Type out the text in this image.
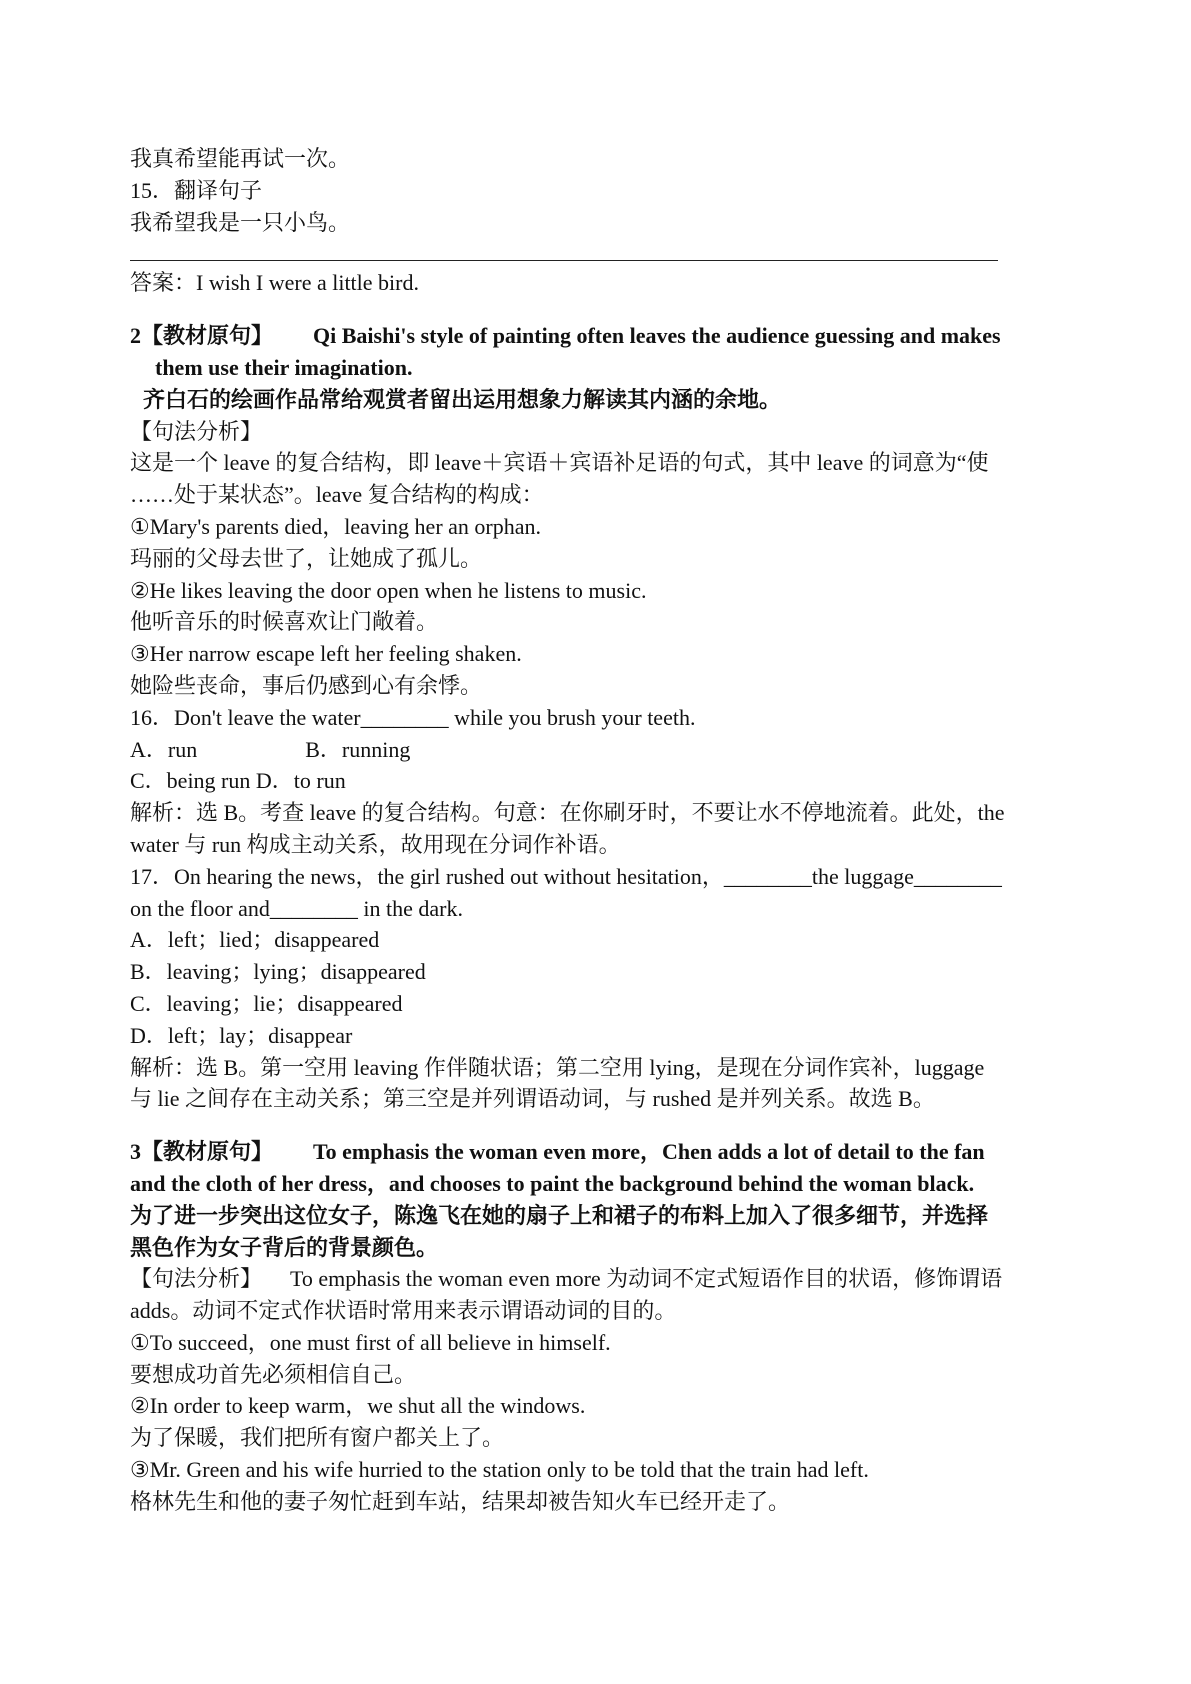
我真希望能再试一次。
15．翻译句子
我希望我是一只小鸟。
答案：I wish I were a little bird.
2【教材原句】 Qi Baishi's style of painting often leaves the audience guessing and makes
them use their imagination.
齐白石的绘画作品常给观赏者留出运用想象力解读其内涵的余地。
【句法分析】
这是一个 leave 的复合结构，即 leave＋宾语＋宾语补足语的句式，其中 leave 的词意为“使
……处于某状态”。leave 复合结构的构成：
①Mary's parents died，leaving her an orphan.
玛丽的父母去世了，让她成了孤儿。
②He likes leaving the door open when he listens to music.
他听音乐的时候喜欢让门敞着。
③Her narrow escape left her feeling shaken.
她险些丧命，事后仍感到心有余悸。
16．Don't leave the water________ while you brush your teeth.
A．run	B．running
C．being run D．to run
解析：选 B。考查 leave 的复合结构。句意：在你刷牙时，不要让水不停地流着。此处，the
water 与 run 构成主动关系，故用现在分词作补语。
17．On hearing the news，the girl rushed out without hesitation，________the luggage________
on the floor and________ in the dark.
A．left；lied；disappeared
B．leaving；lying；disappeared
C．leaving；lie；disappeared
D．left；lay；disappear
解析：选 B。第一空用 leaving 作伴随状语；第二空用 lying，是现在分词作宾补，luggage
与 lie 之间存在主动关系；第三空是并列谓语动词，与 rushed 是并列关系。故选 B。
3【教材原句】 To emphasis the woman even more，Chen adds a lot of detail to the fan
and the cloth of her dress，and chooses to paint the background behind the woman black.
为了进一步突出这位女子，陈逸飞在她的扇子上和裙子的布料上加入了很多细节，并选择
黑色作为女子背后的背景颜色。
【句法分析】 To emphasis the woman even more 为动词不定式短语作目的状语，修饰谓语
adds。动词不定式作状语时常用来表示谓语动词的目的。
①To succeed，one must first of all believe in himself.
要想成功首先必须相信自己。
②In order to keep warm，we shut all the windows.
为了保暖，我们把所有窗户都关上了。
③Mr. Green and his wife hurried to the station only to be told that the train had left.
格林先生和他的妻子匆忙赶到车站，结果却被告知火车已经开走了。
